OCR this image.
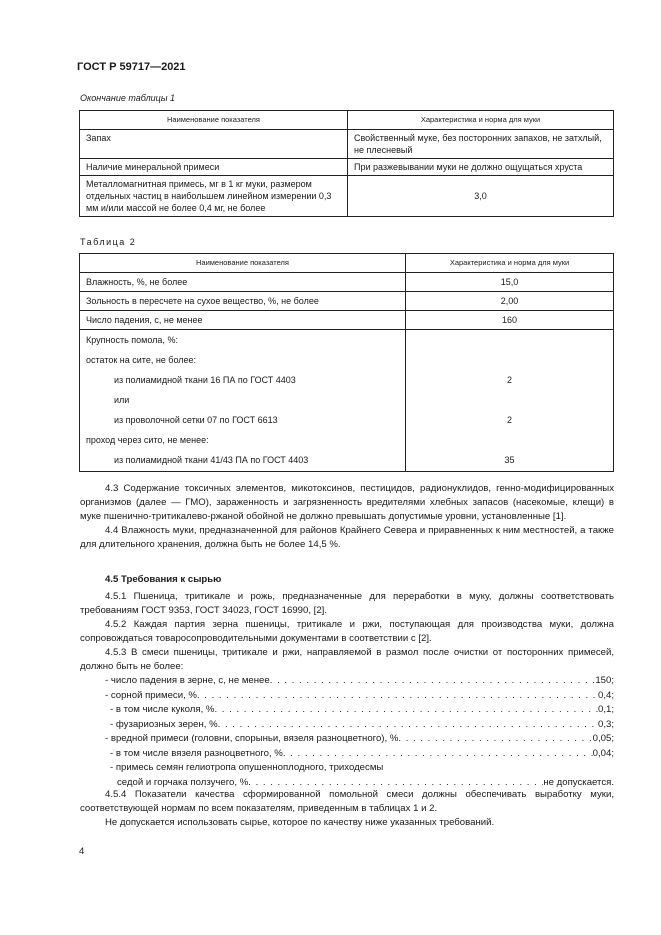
ГОСТ Р 59717—2021
Окончание таблицы 1
Наименование показателя	Характеристика и норма для муки
Запах	Свойственный муке, без посторонних запахов, не затхлый, не плесневый
Наличие минеральной примеси	При разжевывании муки не должно ощущаться хруста
Металломагнитная примесь, мг в 1 кг муки, размером отдельных частиц в наибольшем линейном измерении 0,3 мм и/или массой не более 0,4 мг, не более	3,0
Таблица 2
Наименование показателя	Характеристика и норма для муки
Влажность, %, не более	15,0
Зольность в пересчете на сухое вещество, %, не более	2,00
Число падения, с, не менее	160
Крупность помола, %:	
остаток на сите, не более:	
из полиамидной ткани 16 ПА по ГОСТ 4403	2
или	
из проволочной сетки 07 по ГОСТ 6613	2
проход через сито, не менее:	
из полиамидной ткани 41/43 ПА по ГОСТ 4403	35

4.3 Содержание токсичных элементов, микотоксинов, пестицидов, радионуклидов, генно-модифицированных организмов (далее — ГМО), зараженность и загрязненность вредителями хлебных запасов (насекомые, клещи) в муке пшенично-тритикалево-ржаной обойной не должно превышать допустимые уровни, установленные [1].

4.4 Влажность муки, предназначенной для районов Крайнего Севера и приравненных к ним местностей, а также для длительного хранения, должна быть не более 14,5 %.

4.5 Требования к сырью

4.5.1 Пшеница, тритикале и рожь, предназначенные для переработки в муку, должны соответствовать требованиям ГОСТ 9353, ГОСТ 34023, ГОСТ 16990, [2].

4.5.2 Каждая партия зерна пшеницы, тритикале и ржи, поступающая для производства муки, должна сопровождаться товаросопроводительными документами в соответствии с [2].

4.5.3 В смеси пшеницы, тритикале и ржи, направляемой в размол после очистки от посторонних примесей, должно быть не более:

- число падения в зерне, с, не менее . . .	150;
- сорной примеси, % . . .	0,4;
- в том числе куколя, % . . .	0,1;
- фузариозных зерен, % . . .	0,3;
- вредной примеси (головни, спорыньи, вязеля разноцветного), % . . .	0,05;
- в том числе вязеля разноцветного, % . . .	0,04;
- примесь семян гелиотропа опушенноплодного, триходесмы
седой и горчака ползучего, % . . .	не допускается.

4.5.4 Показатели качества сформированной помольной смеси должны обеспечивать выработку муки, соответствующей нормам по всем показателям, приведенным в таблицах 1 и 2.

Не допускается использовать сырье, которое по качеству ниже указанных требований.

4
